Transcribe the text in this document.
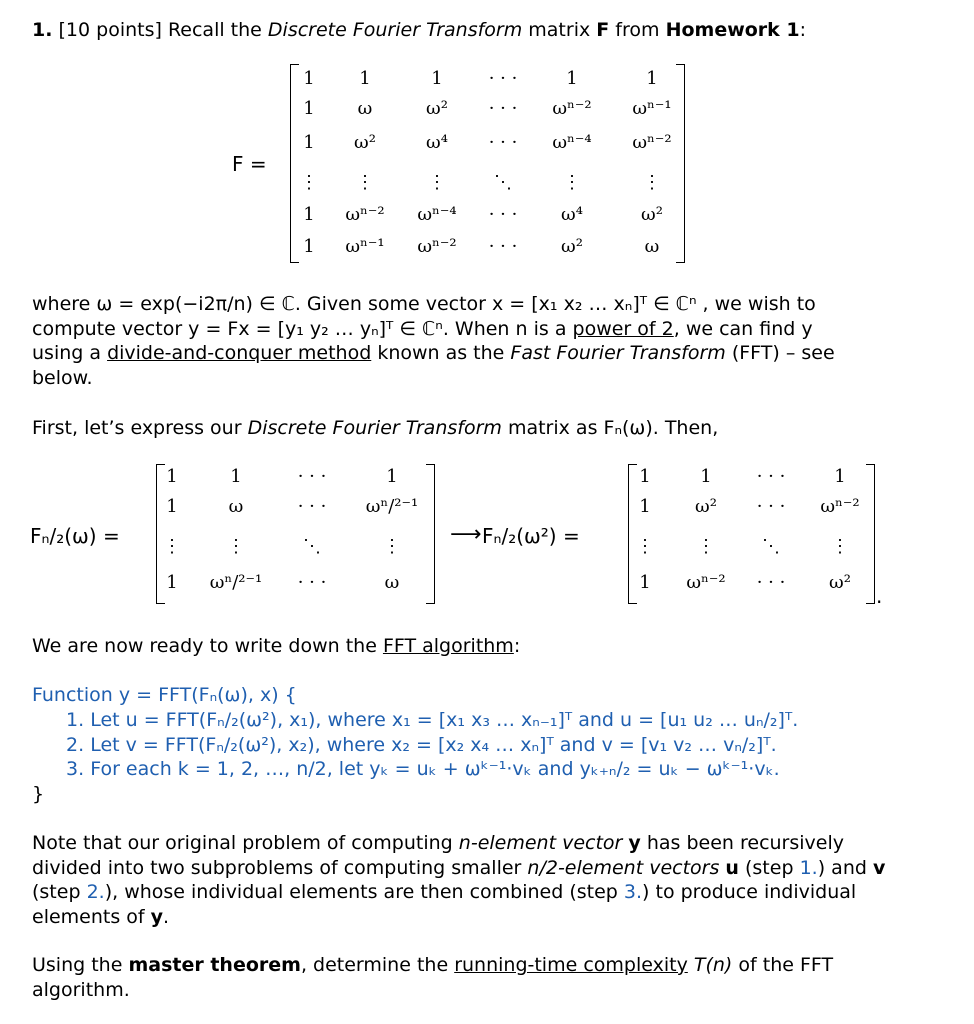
1. [10 points] Recall the Discrete Fourier Transform matrix F from Homework 1:
F =
1	1	1	· · ·	1	1
1	ω	ω²	· · ·	ωⁿ⁻²	ωⁿ⁻¹
1	ω²	ω⁴	· · ·	ωⁿ⁻⁴	ωⁿ⁻²
⋮	⋮	⋮	⋱	⋮	⋮
1	ωⁿ⁻²	ωⁿ⁻⁴	· · ·	ω⁴	ω²
1	ωⁿ⁻¹	ωⁿ⁻²	· · ·	ω²	ω
where ω = exp(−i2π/n) ∈ ℂ. Given some vector x = [x₁ x₂ … xₙ]ᵀ ∈ ℂⁿ , we wish to
compute vector y = Fx = [y₁ y₂ … yₙ]ᵀ ∈ ℂⁿ. When n is a power of 2, we can find y
using a divide-and-conquer method known as the Fast Fourier Transform (FFT) – see
below.
First, let’s express our Discrete Fourier Transform matrix as Fₙ(ω). Then,
Fₙ/₂(ω) =	⟶ Fₙ/₂(ω²) =
.
1	1	· · ·	1
1	ω	· · ·	ωⁿ/²⁻¹
⋮	⋮	⋱	⋮
1	ωⁿ/²⁻¹	· · ·	ω
1	1	· · ·	1
1	ω²	· · ·	ωⁿ⁻²
⋮	⋮	⋱	⋮
1	ωⁿ⁻²	· · ·	ω²
We are now ready to write down the FFT algorithm:
Function y = FFT(Fₙ(ω), x) {
1. Let u = FFT(Fₙ/₂(ω²), x₁), where x₁ = [x₁ x₃ … xₙ₋₁]ᵀ and u = [u₁ u₂ … uₙ/₂]ᵀ.
2. Let v = FFT(Fₙ/₂(ω²), x₂), where x₂ = [x₂ x₄ … xₙ]ᵀ and v = [v₁ v₂ … vₙ/₂]ᵀ.
3. For each k = 1, 2, …, n/2, let yₖ = uₖ + ωᵏ⁻¹·vₖ and yₖ₊ₙ/₂ = uₖ − ωᵏ⁻¹·vₖ.
}
Note that our original problem of computing n-element vector y has been recursively divided into two subproblems of computing smaller n/2-element vectors u (step 1.) and v (step 2.), whose individual elements are then combined (step 3.) to produce individual elements of y.
Using the master theorem, determine the running-time complexity T(n) of the FFT algorithm.
